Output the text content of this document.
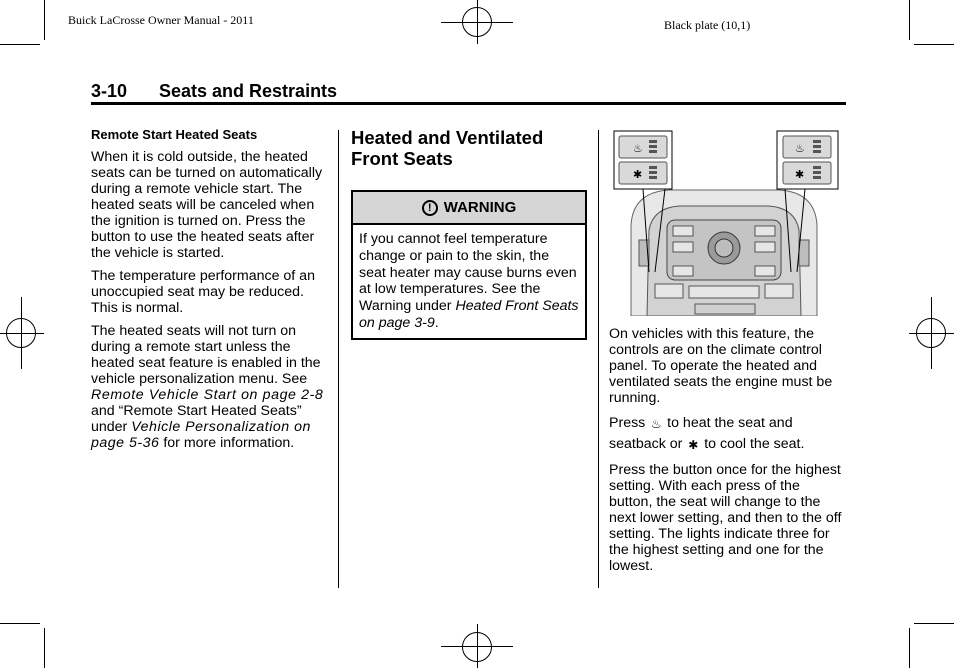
Buick LaCrosse Owner Manual - 2011	Black plate (10,1)
3-10 Seats and Restraints
Remote Start Heated Seats

When it is cold outside, the heated seats can be turned on automatically during a remote vehicle start. The heated seats will be canceled when the ignition is turned on. Press the button to use the heated seats after the vehicle is started.

The temperature performance of an unoccupied seat may be reduced. This is normal.

The heated seats will not turn on during a remote start unless the heated seat feature is enabled in the vehicle personalization menu. See Remote Vehicle Start on page 2-8 and “Remote Start Heated Seats” under Vehicle Personalization on page 5-36 for more information.

Heated and Ventilated Front Seats
! WARNING
If you cannot feel temperature change or pain to the skin, the seat heater may cause burns even at low temperatures. See the Warning under Heated Front Seats on page 3-9.
♨
✱
♨
✱

On vehicles with this feature, the controls are on the climate control panel. To operate the heated and ventilated seats the engine must be running.

Press ♨ to heat the seat and seatback or ✱ to cool the seat.

Press the button once for the highest setting. With each press of the button, the seat will change to the next lower setting, and then to the off setting. The lights indicate three for the highest setting and one for the lowest.
